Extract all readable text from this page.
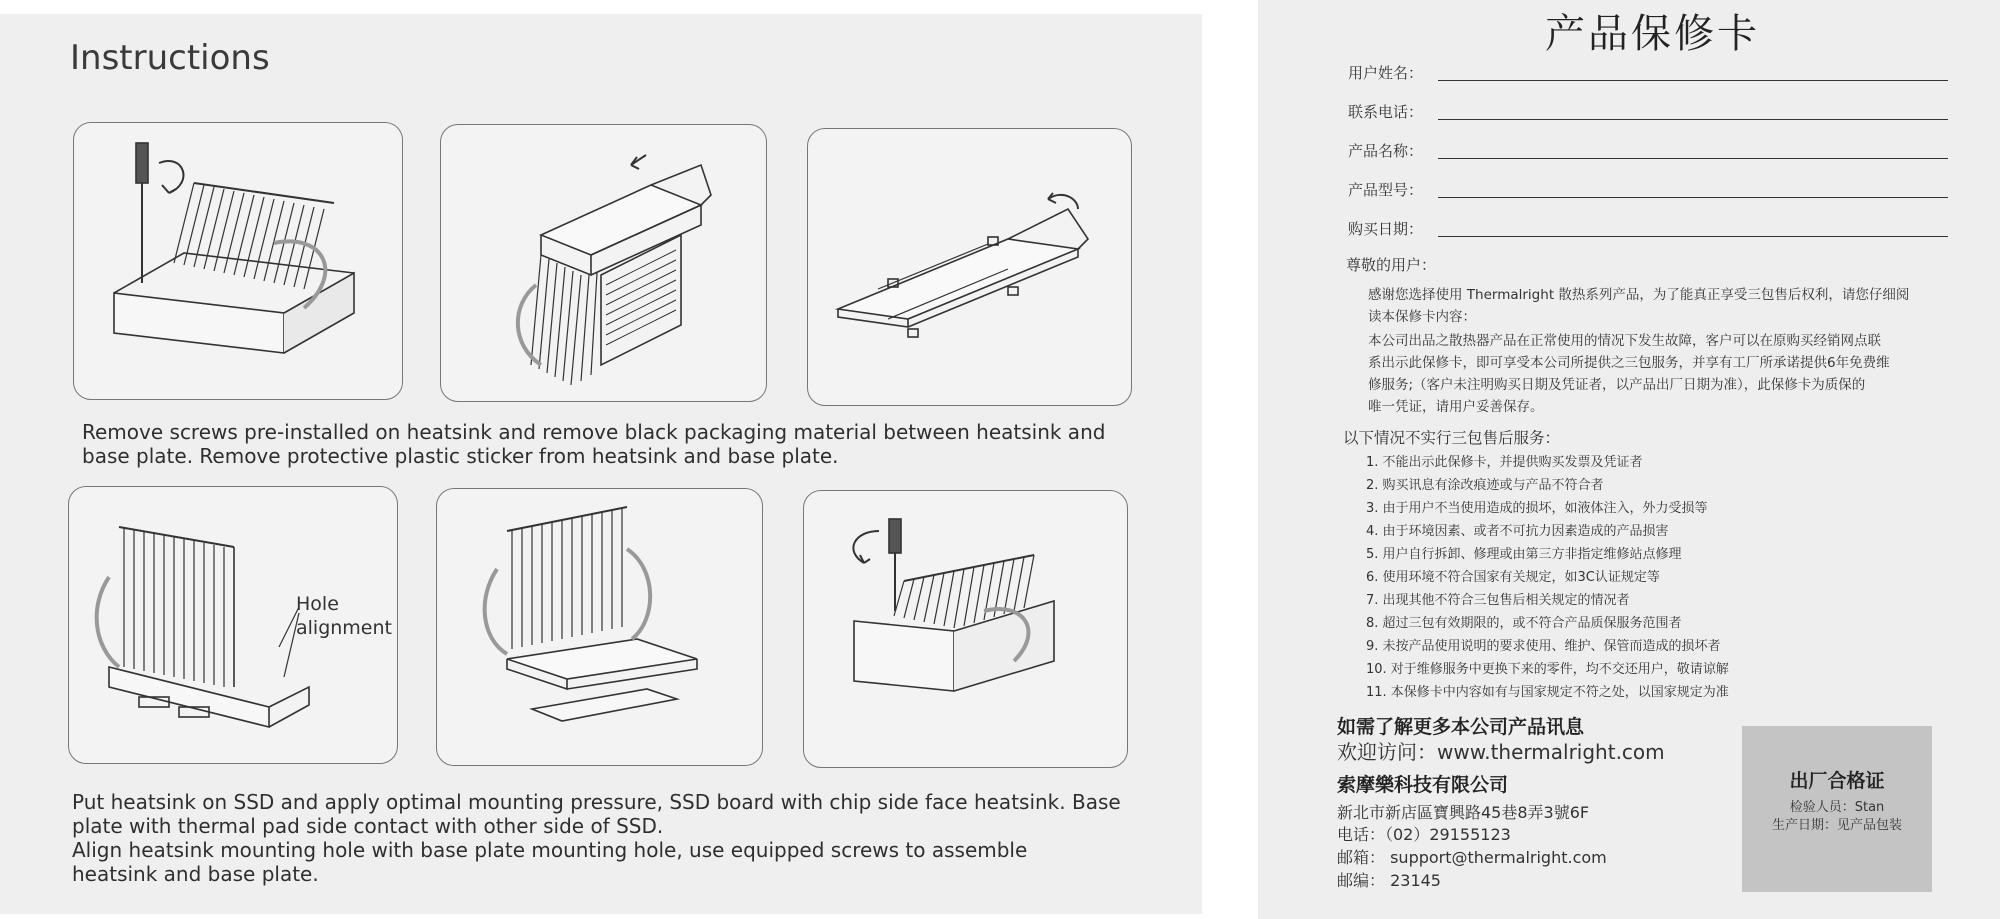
Instructions
Remove screws pre-installed on heatsink and remove black packaging material between heatsink and
base plate. Remove protective plastic sticker from heatsink and base plate.
Hole
alignment
Put heatsink on SSD and apply optimal mounting pressure, SSD board with chip side face heatsink. Base
plate with thermal pad side contact with other side of SSD.
Align heatsink mounting hole with base plate mounting hole, use equipped screws to assemble
heatsink and base plate.
产品保修卡
用户姓名：
联系电话：
产品名称：
产品型号：
购买日期：
尊敬的用户：
感谢您选择使用 Thermalright 散热系列产品，为了能真正享受三包售后权利，请您仔细阅
读本保修卡内容：
本公司出品之散热器产品在正常使用的情况下发生故障，客户可以在原购买经销网点联
系出示此保修卡，即可享受本公司所提供之三包服务，并享有工厂所承诺提供6年免费维
修服务;（客户未注明购买日期及凭证者，以产品出厂日期为准），此保修卡为质保的
唯一凭证，请用户妥善保存。
以下情况不实行三包售后服务：
1. 不能出示此保修卡，并提供购买发票及凭证者
2. 购买讯息有涂改痕迹或与产品不符合者
3. 由于用户不当使用造成的损坏，如液体注入，外力受损等
4. 由于环境因素、或者不可抗力因素造成的产品损害
5. 用户自行拆卸、修理或由第三方非指定维修站点修理
6. 使用环境不符合国家有关规定，如3C认证规定等
7. 出现其他不符合三包售后相关规定的情况者
8. 超过三包有效期限的，或不符合产品质保服务范围者
9. 未按产品使用说明的要求使用、维护、保管而造成的损坏者
10. 对于维修服务中更换下来的零件，均不交还用户，敬请谅解
11. 本保修卡中内容如有与国家规定不符之处，以国家规定为准
如需了解更多本公司产品讯息
欢迎访问：www.thermalright.com
索摩樂科技有限公司
新北市新店區寶興路45巷8弄3號6F
电话：（02）29155123
邮箱： support@thermalright.com
邮编： 23145
出厂合格证
检验人员：Stan
生产日期：见产品包装
